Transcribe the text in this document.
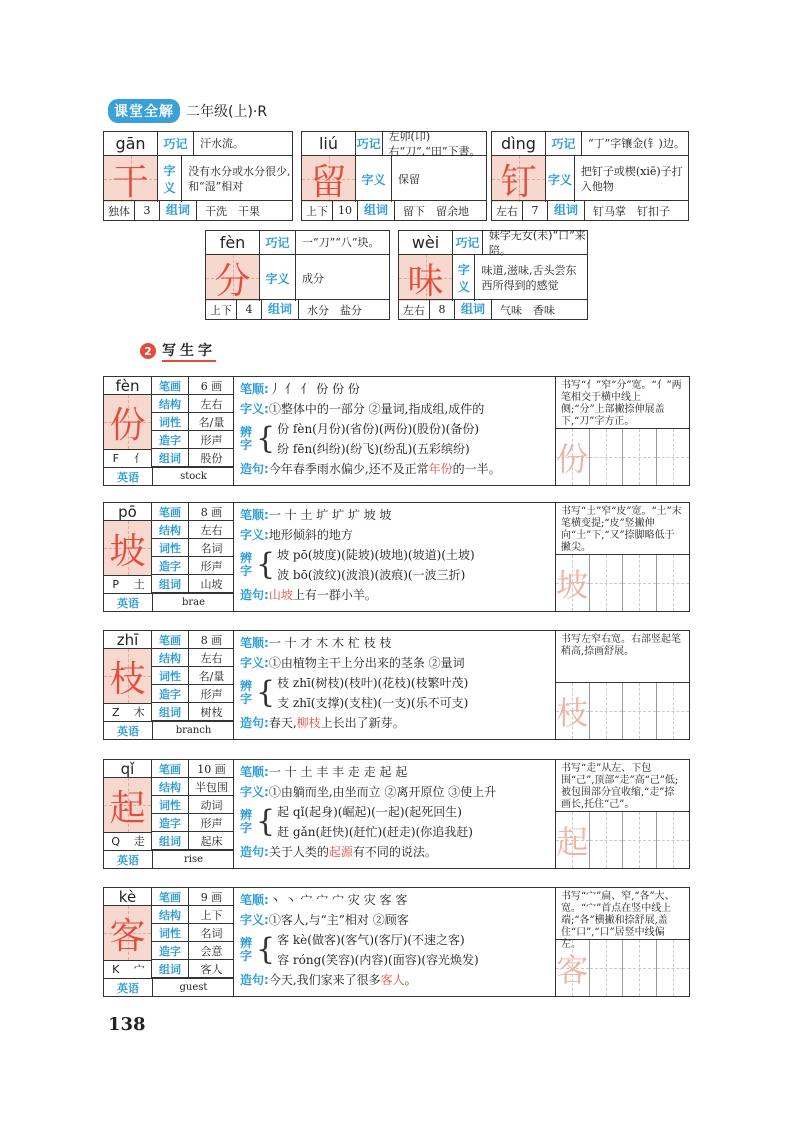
课堂全解 二年级(上)·R
gān	巧记	汗水流。
干	字义
没有水分或水分很少,和“湿”相对
独体	3	组词	干洗　干果
liú	巧记
左卯(卬)右“刀”,“田”下書。
留	字义	保留
上下 10 组词	留下　留余地
dìng	巧记	“丁”字镶金(钅)边。
钉 字义
把钉子或楔(xiē)子打入他物
左右	7	组词	钉马掌　钉扣子
fèn	巧记	一“刀”“八”块。
分	字义	成分
上下	4	组词	水分　盐分
wèi	巧记
妹字无女(未)“口”来陪。
味	字义
味道,滋味,舌头尝东西所得到的感觉
左右	8	组词	气味　香味
2 写生字
fèn
份
F	亻
笔画	6 画
结构	左右
词性	名/量
造字	形声
组词	股份
英语	stock
笔顺:丿 亻 亻 份 份 份
字义:①整体中的一部分 ②量词,指成组,成件的
辨字 { 份 fèn(月份)(省份)(两份)(股份)(备份)
纷 fēn(纠纷)(纷飞)(纷乱)(五彩缤纷)
造句:今年春季雨水偏少,还不及正常年份的一半。
书写“亻”窄“分”宽。“亻”两笔相交于横中线上侧;“分”上部撇捺伸展盖下,“刀”字方正。
份
pō
坡
P	土
笔画	8 画
结构	左右
词性	名词
造字	形声
组词	山坡
英语	brae
笔顺:一 十 土 圹 圹 圹 坡 坡
字义:地形倾斜的地方
辨字 { 坡 pō(坡度)(陡坡)(坡地)(坡道)(土坡)
波 bō(波纹)(波浪)(波痕)(一波三折)
造句:山坡上有一群小羊。
书写“土”窄“皮”宽。“土”末笔横变提;“皮”竖撇伸向“土”下,“又”捺脚略低于撇尖。
坡
zhī
枝
Z	木
笔画	8 画
结构	左右
词性	名/量
造字	形声
组词	树枝
英语	branch
笔顺:一 十 才 木 木 杧 枝 枝
字义:①由植物主干上分出来的茎条 ②量词
辨字 { 枝 zhī(树枝)(枝叶)(花枝)(枝繁叶茂)
支 zhī(支撑)(支柱)(一支)(乐不可支)
造句:春天,柳枝上长出了新芽。
书写左窄右宽。右部竖起笔稍高,捺画舒展。
枝
qǐ
起
Q	走
笔画	10 画
结构	半包围
词性	动词
造字	形声
组词	起床
英语	rise
笔顺:一 十 土 丰 丰 走 走 起 起
字义:①由躺而坐,由坐而立 ②离开原位 ③使上升
辨字 { 起 qǐ(起身)(崛起)(一起)(起死回生)
赶 gǎn(赶快)(赶忙)(赶走)(你追我赶)
造句:关于人类的起源有不同的说法。
书写“走”从左、下包围“己”,顶部“走”高“己”低;被包围部分宜收缩,“走”捺画长,托住“己”。
起
kè
客
K	宀
笔画	9 画
结构	上下
词性	名词
造字	会意
组词	客人
英语	guest
笔顺:丶 丶 宀 宀 宀 灾 灾 客 客
字义:①客人,与“主”相对 ②顾客
辨字 { 客 kè(做客)(客气)(客厅)(不速之客)
容 róng(笑容)(内容)(面容)(容光焕发)
造句:今天,我们家来了很多客人。
书写“宀”扁、窄,“各”大、宽。“宀”首点在竖中线上端;“各”横撇和捺舒展,盖住“口”,“口”居竖中线偏左。
客
138
